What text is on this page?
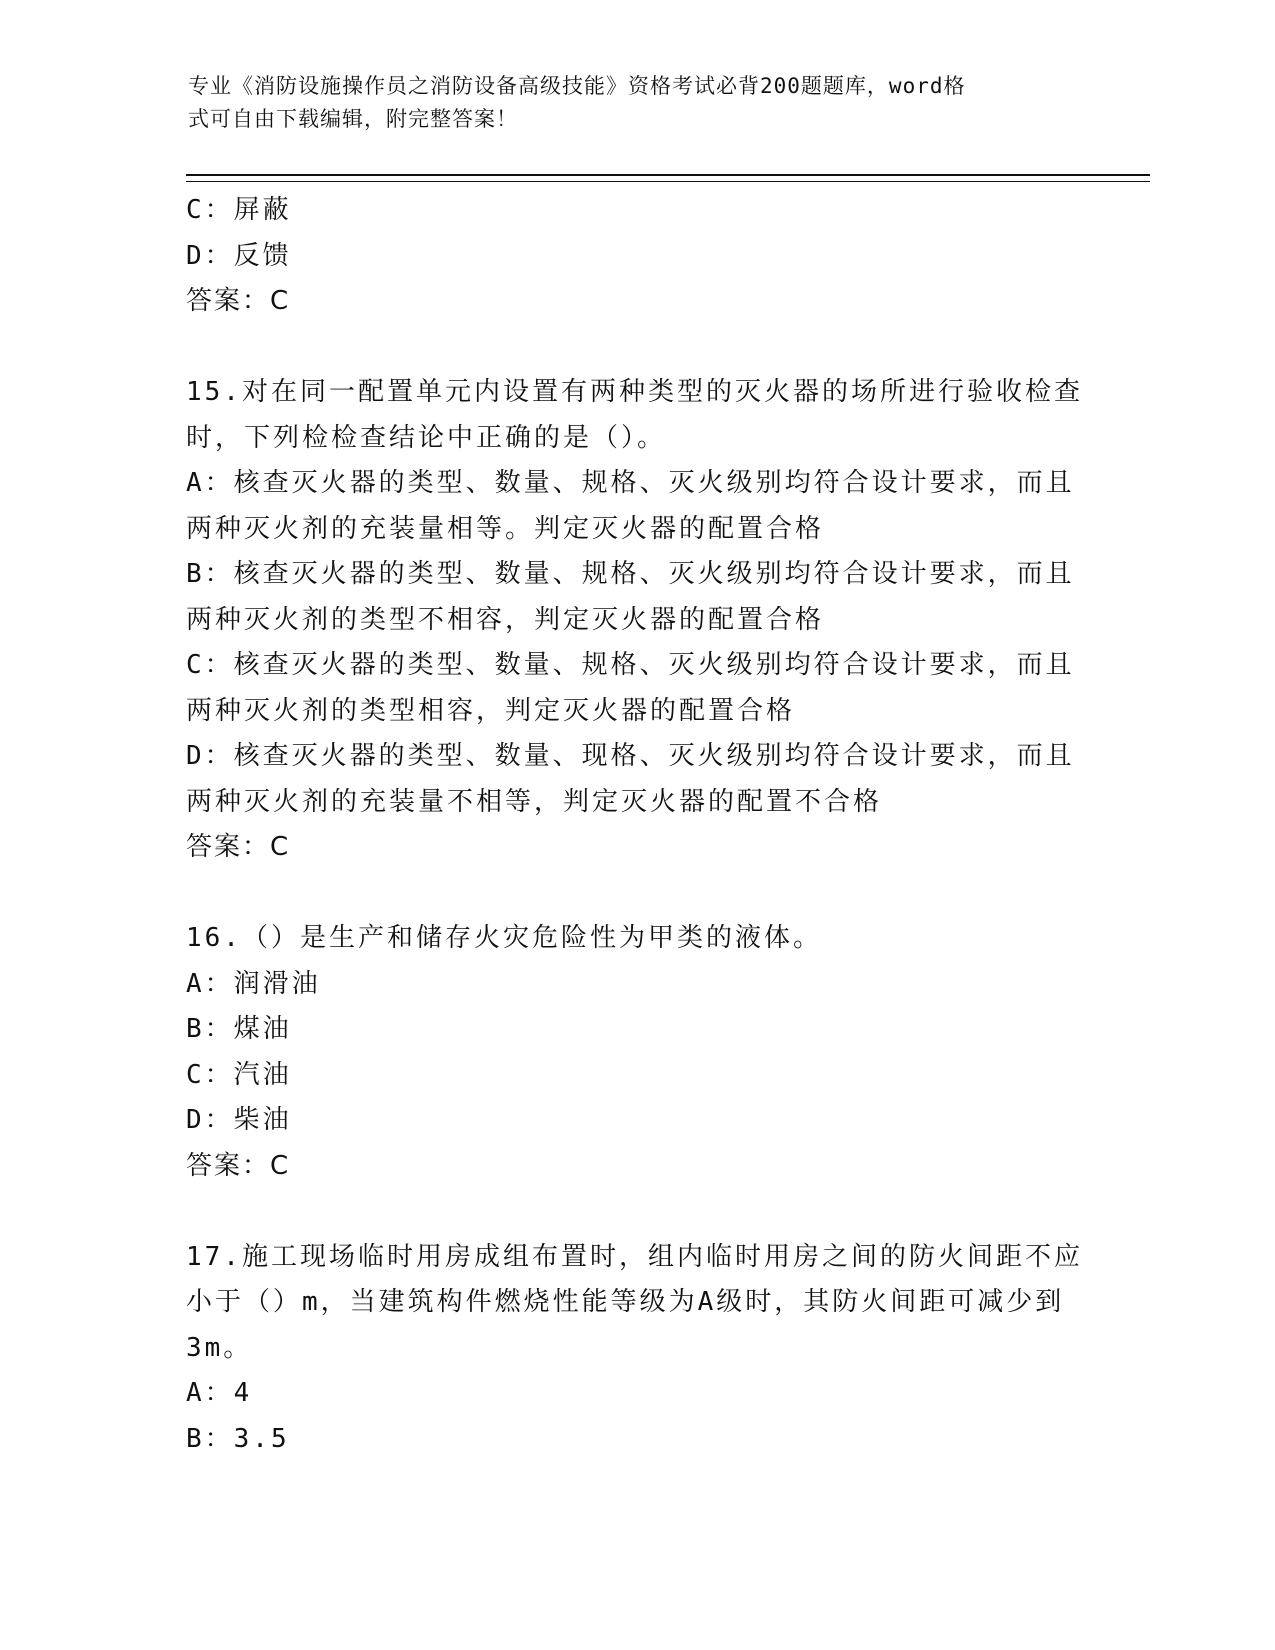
专业《消防设施操作员之消防设备高级技能》资格考试必背200题题库，word格
式可自由下载编辑，附完整答案！
C：屏蔽
D：反馈
答案：C
15.对在同一配置单元内设置有两种类型的灭火器的场所进行验收检查
时，下列检检查结论中正确的是（）。
A：核查灭火器的类型、数量、规格、灭火级别均符合设计要求，而且
两种灭火剂的充装量相等。判定灭火器的配置合格
B：核查灭火器的类型、数量、规格、灭火级别均符合设计要求，而且
两种灭火剂的类型不相容，判定灭火器的配置合格
C：核查灭火器的类型、数量、规格、灭火级别均符合设计要求，而且
两种灭火剂的类型相容，判定灭火器的配置合格
D：核查灭火器的类型、数量、现格、灭火级别均符合设计要求，而且
两种灭火剂的充装量不相等，判定灭火器的配置不合格
答案：C
16.（）是生产和储存火灾危险性为甲类的液体。
A：润滑油
B：煤油
C：汽油
D：柴油
答案：C
17.施工现场临时用房成组布置时，组内临时用房之间的防火间距不应
小于（）m，当建筑构件燃烧性能等级为A级时，其防火间距可减少到
3m。
A：4
B：3.5
